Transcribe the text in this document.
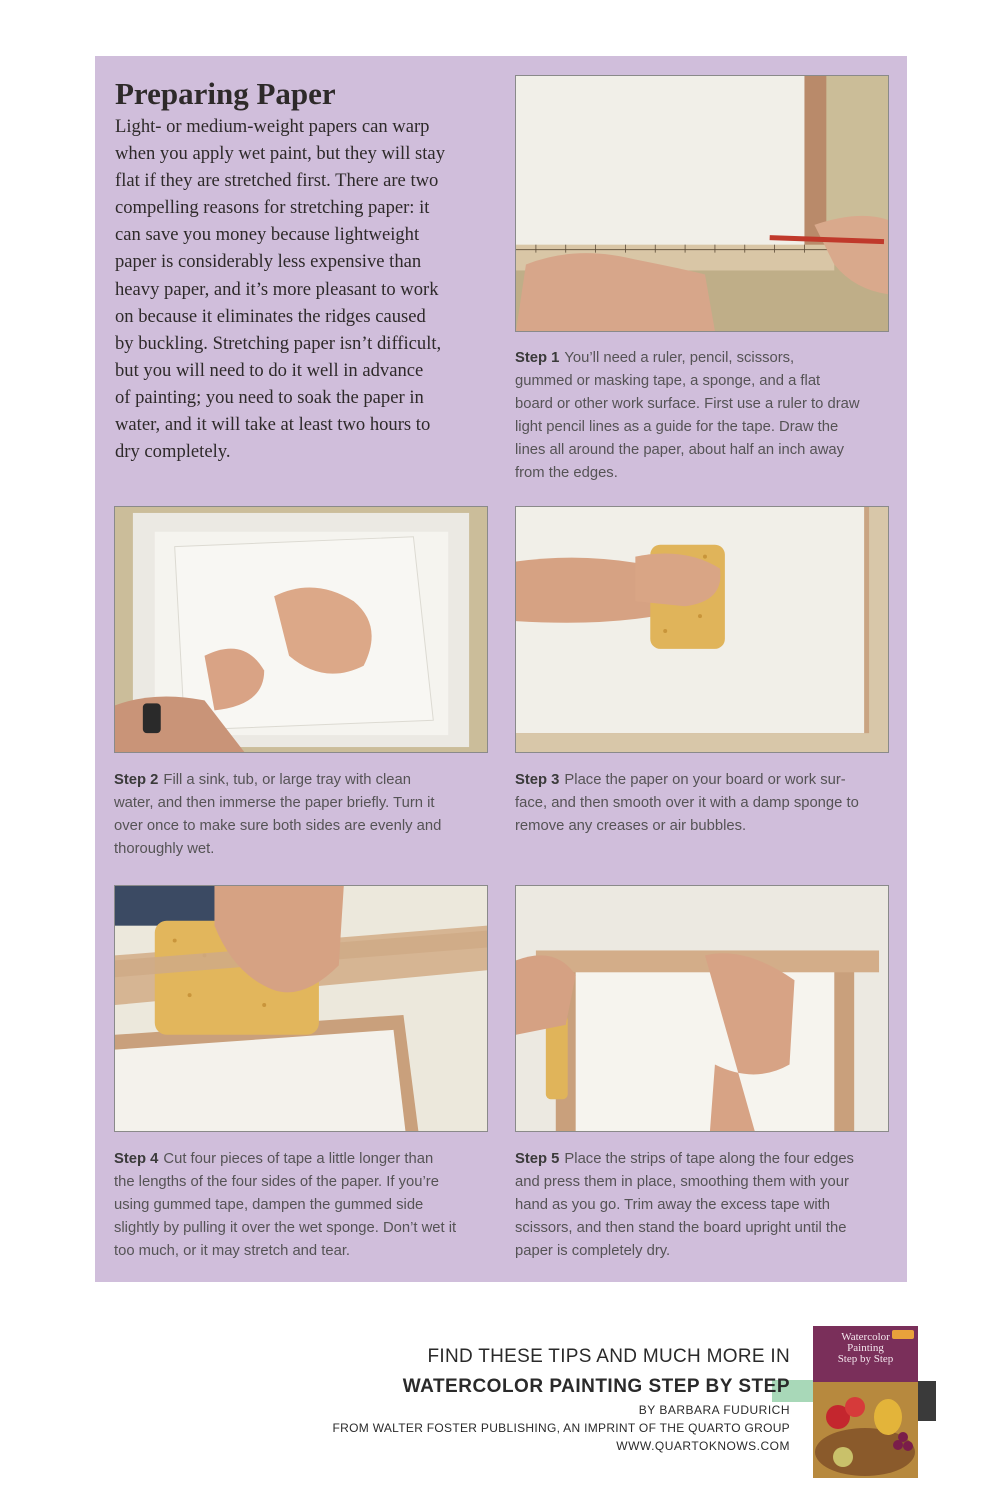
Preparing Paper

Light- or medium-weight papers can warp
when you apply wet paint, but they will stay
flat if they are stretched first. There are two
compelling reasons for stretching paper: it
can save you money because lightweight
paper is considerably less expensive than
heavy paper, and it’s more pleasant to work
on because it eliminates the ridges caused
by buckling. Stretching paper isn’t difficult,
but you will need to do it well in advance
of painting; you need to soak the paper in
water, and it will take at least two hours to
dry completely.

Step 1 You’ll need a ruler, pencil, scissors,
gummed or masking tape, a sponge, and a flat
board or other work surface. First use a ruler to draw
light pencil lines as a guide for the tape. Draw the
lines all around the paper, about half an inch away
from the edges.

Step 2 Fill a sink, tub, or large tray with clean
water, and then immerse the paper briefly. Turn it
over once to make sure both sides are evenly and
thoroughly wet.

Step 3 Place the paper on your board or work sur-
face, and then smooth over it with a damp sponge to
remove any creases or air bubbles.

Step 4 Cut four pieces of tape a little longer than
the lengths of the four sides of the paper. If you’re
using gummed tape, dampen the gummed side
slightly by pulling it over the wet sponge. Don’t wet it
too much, or it may stretch and tear.

Step 5 Place the strips of tape along the four edges
and press them in place, smoothing them with your
hand as you go. Trim away the excess tape with
scissors, and then stand the board upright until the
paper is completely dry.

FIND THESE TIPS AND MUCH MORE IN

WATERCOLOR PAINTING STEP BY STEP

BY BARBARA FUDURICH

FROM WALTER FOSTER PUBLISHING, AN IMPRINT OF THE QUARTO GROUP

WWW.QUARTOKNOWS.COM

Watercolor
Painting
Step by Step
